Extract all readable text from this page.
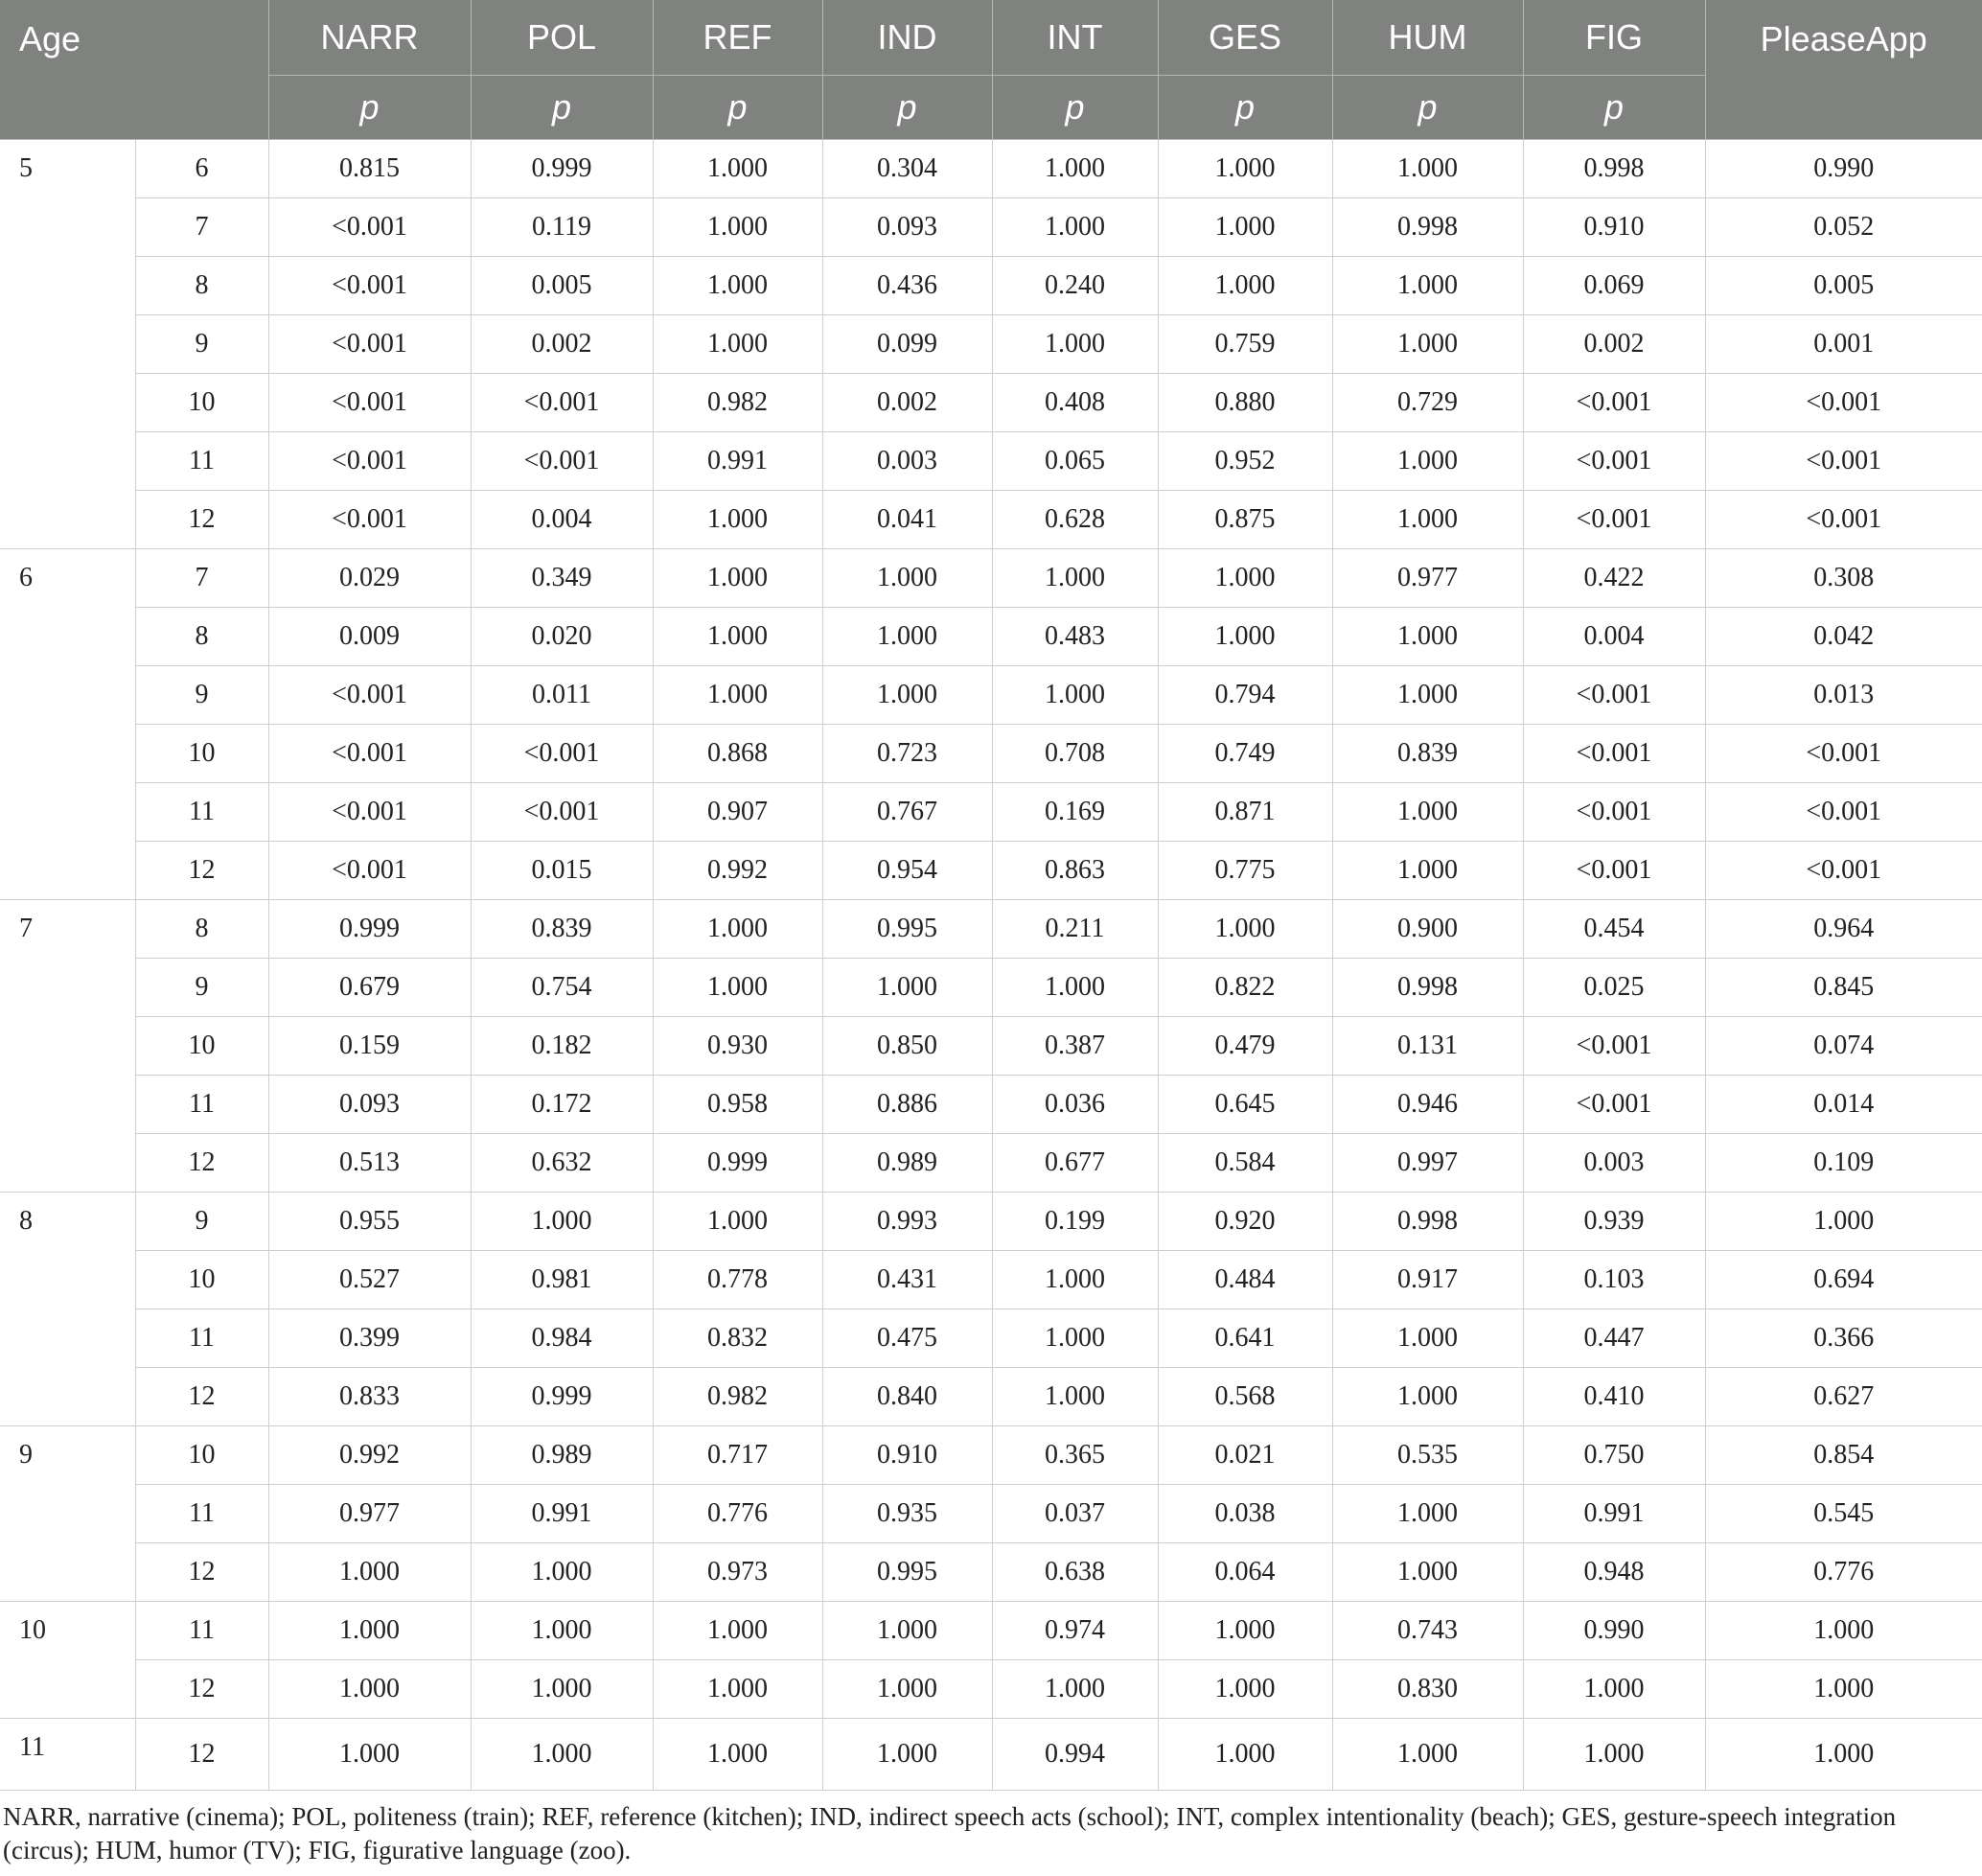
Age		NARR	POL	REF	IND	INT	GES	HUM	FIG	PleaseApp
		p	p	p	p	p	p	p	p	
5	6	0.815	0.999	1.000	0.304	1.000	1.000	1.000	0.998	0.990
	7	<0.001	0.119	1.000	0.093	1.000	1.000	0.998	0.910	0.052
	8	<0.001	0.005	1.000	0.436	0.240	1.000	1.000	0.069	0.005
	9	<0.001	0.002	1.000	0.099	1.000	0.759	1.000	0.002	0.001
	10	<0.001	<0.001	0.982	0.002	0.408	0.880	0.729	<0.001	<0.001
	11	<0.001	<0.001	0.991	0.003	0.065	0.952	1.000	<0.001	<0.001
	12	<0.001	0.004	1.000	0.041	0.628	0.875	1.000	<0.001	<0.001
6	7	0.029	0.349	1.000	1.000	1.000	1.000	0.977	0.422	0.308
	8	0.009	0.020	1.000	1.000	0.483	1.000	1.000	0.004	0.042
	9	<0.001	0.011	1.000	1.000	1.000	0.794	1.000	<0.001	0.013
	10	<0.001	<0.001	0.868	0.723	0.708	0.749	0.839	<0.001	<0.001
	11	<0.001	<0.001	0.907	0.767	0.169	0.871	1.000	<0.001	<0.001
	12	<0.001	0.015	0.992	0.954	0.863	0.775	1.000	<0.001	<0.001
7	8	0.999	0.839	1.000	0.995	0.211	1.000	0.900	0.454	0.964
	9	0.679	0.754	1.000	1.000	1.000	0.822	0.998	0.025	0.845
	10	0.159	0.182	0.930	0.850	0.387	0.479	0.131	<0.001	0.074
	11	0.093	0.172	0.958	0.886	0.036	0.645	0.946	<0.001	0.014
	12	0.513	0.632	0.999	0.989	0.677	0.584	0.997	0.003	0.109
8	9	0.955	1.000	1.000	0.993	0.199	0.920	0.998	0.939	1.000
	10	0.527	0.981	0.778	0.431	1.000	0.484	0.917	0.103	0.694
	11	0.399	0.984	0.832	0.475	1.000	0.641	1.000	0.447	0.366
	12	0.833	0.999	0.982	0.840	1.000	0.568	1.000	0.410	0.627
9	10	0.992	0.989	0.717	0.910	0.365	0.021	0.535	0.750	0.854
	11	0.977	0.991	0.776	0.935	0.037	0.038	1.000	0.991	0.545
	12	1.000	1.000	0.973	0.995	0.638	0.064	1.000	0.948	0.776
10	11	1.000	1.000	1.000	1.000	0.974	1.000	0.743	0.990	1.000
	12	1.000	1.000	1.000	1.000	1.000	1.000	0.830	1.000	1.000
11	12	1.000	1.000	1.000	1.000	0.994	1.000	1.000	1.000	1.000

NARR, narrative (cinema); POL, politeness (train); REF, reference (kitchen); IND, indirect speech acts (school); INT, complex intentionality (beach); GES, gesture-speech integration (circus); HUM, humor (TV); FIG, figurative language (zoo).
